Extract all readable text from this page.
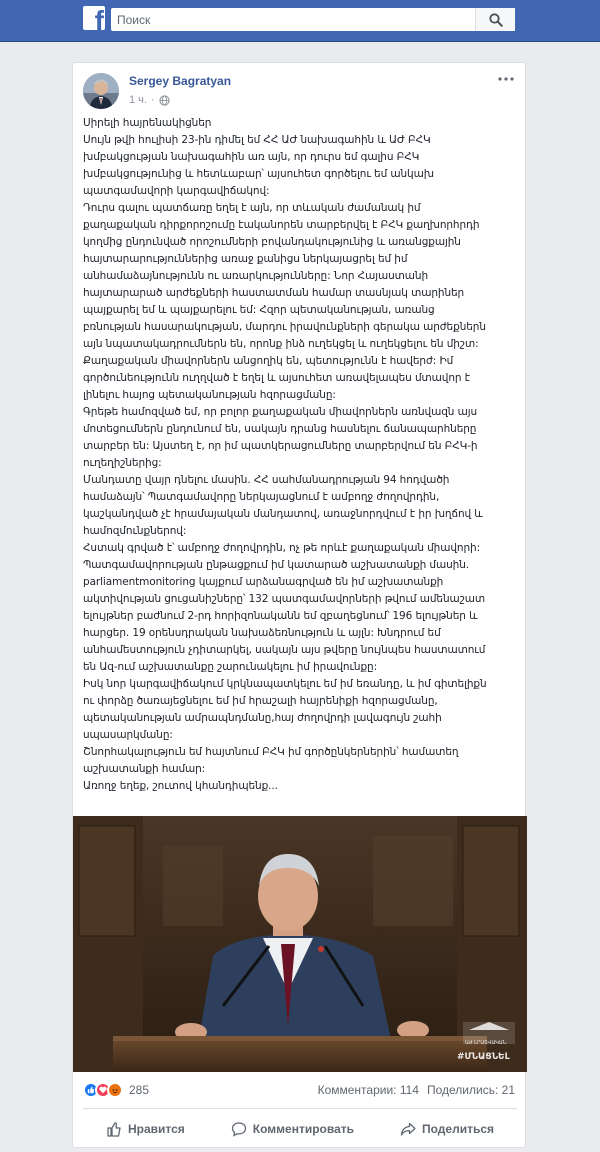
f
Поиск
Sergey Bagratyan
1 ч. ·
Սիրելի հայրենակիցներ
Սույն թվի հուլիսի 23-ին դիմել եմ ՀՀ ԱԺ նախագահին և ԱԺ ԲՀԿ
խմբակցության նախագահին առ այն, որ դուրս եմ գալիս ԲՀԿ
խմբակցությունից և հետևաբար՝ այսուհետ գործելու եմ անկախ
պատգամավորի կարգավիճակով:
Դուրս գալու պատճառը եղել է այն, որ տևական ժամանակ իմ
քաղաքական դիրքորոշումը էականորեն տարբերվել է ԲՀԿ քաղխորհրդի
կողմից ընդունված որոշումների բովանդակությունից և առանցքային
հայտարարություններից առաջ քանիցս ներկայացրել եմ իմ
անհամաձայնությունն ու առարկությունները: Նոր Հայաստանի
հայտարարած արժեքների հաստատման համար տասնյակ տարիներ
պայքարել եմ և պայքարելու եմ: Հզոր պետականության, առանց
բռնության հասարակության, մարդու իրավունքների գերակա արժեքներն
այն նպատակադրումներն են, որոնք ինձ ուղեկցել և ուղեկցելու են միշտ:
Քաղաքական միավորներն անցողիկ են, պետությունն է հավերժ: Իմ
գործունեությունն ուղղված է եղել և այսուհետ առավելապես մտավոր է
լինելու հայոց պետականության հզորացմանը:
Գրեթե համոզված եմ, որ բոլոր քաղաքական միավորներն առնվազն այս
մոտեցումներն ընդունում են, սակայն դրանց հասնելու ճանապարհները
տարբեր են: Այստեղ է, որ իմ պատկերացումները տարբերվում են ԲՀԿ-ի
ուղեղիշներից:
Մանդատը վայր դնելու մասին. ՀՀ սահմանադրության 94 հոդվածի
համաձայն՝ Պատգամավորը ներկայացնում է ամբողջ ժողովրդին,
կաշկանդված չէ հրամայական մանդատով, առաջնորդվում է իր խղճով և
համոզմունքներով:
Հստակ գրված է՝ ամբողջ ժողովրդին, ոչ թե որևէ քաղաքական միավորի:
Պատգամավորության ընթացքում իմ կատարած աշխատանքի մասին.
parliamentmonitoring կայքում արձանագրված են իմ աշխատանքի
ակտիվության ցուցանիշները՝ 132 պատգամավորների թվում ամենաշատ
ելույթներ բաժնում 2-րդ հորիզոնականն եմ զբաղեցնում՝ 196 ելույթներ և
հարցեր. 19 օրենսդրական նախաձեռնություն և այլն: Խնդրում եմ
անհամեստություն չդիտարկել, սակայն այս թվերը նույնպես հաստատում
են Ազ-ում աշխատանքը շարունակելու իմ իրավունքը:
Իսկ նոր կարգավիճակում կրկնապատկելու եմ իմ եռանդը, և իմ գիտելիքն
ու փորձը ծառայեցնելու եմ իմ հրաշալի հայրենիքի հզորացմանը,
պետականության ամրապնդմանը,հայ ժողովրդի լավագույն շահի
սպասարկմանը:
Շնորհակալություն եմ հայտնում ԲՀԿ իմ գործընկերներին՝ համատեղ
աշխատանքի համար:
Առողջ եղեք, շուտով կհանդիպենք...
ԱԺ ԼՐԱՏՎԱԿԱՆ
#ՄՆԱՑՆԵԼ
285	Комментарии: 114 Поделились: 21
Нравится	Комментировать	Поделиться
